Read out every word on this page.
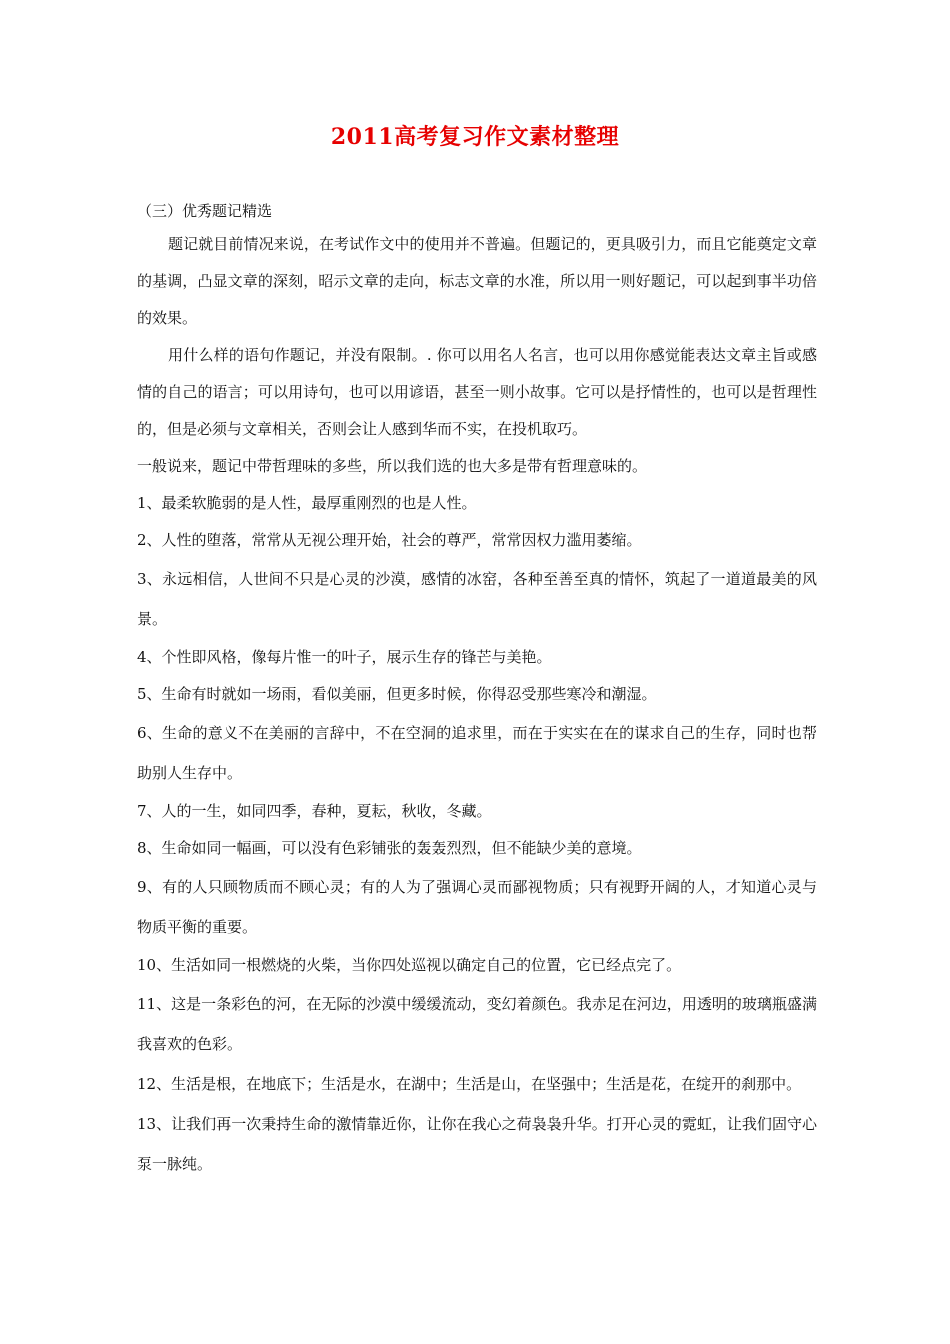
2011高考复习作文素材整理
（三）优秀题记精选

题记就目前情况来说，在考试作文中的使用并不普遍。但题记的，更具吸引力，而且它能奠定文章的基调，凸显文章的深刻，昭示文章的走向，标志文章的水准，所以用一则好题记，可以起到事半功倍的效果。

用什么样的语句作题记，并没有限制。. 你可以用名人名言，也可以用你感觉能表达文章主旨或感情的自己的语言；可以用诗句，也可以用谚语，甚至一则小故事。它可以是抒情性的，也可以是哲理性的，但是必须与文章相关，否则会让人感到华而不实，在投机取巧。

一般说来，题记中带哲理味的多些，所以我们选的也大多是带有哲理意味的。

1、最柔软脆弱的是人性，最厚重刚烈的也是人性。

2、人性的堕落，常常从无视公理开始，社会的尊严，常常因权力滥用萎缩。

3、永远相信，人世间不只是心灵的沙漠，感情的冰窑，各种至善至真的情怀，筑起了一道道最美的风景。

4、个性即风格，像每片惟一的叶子，展示生存的锋芒与美艳。

5、生命有时就如一场雨，看似美丽，但更多时候，你得忍受那些寒冷和潮湿。

6、生命的意义不在美丽的言辞中，不在空洞的追求里，而在于实实在在的谋求自己的生存，同时也帮助别人生存中。

7、人的一生，如同四季，春种，夏耘，秋收，冬藏。

8、生命如同一幅画，可以没有色彩铺张的轰轰烈烈，但不能缺少美的意境。

9、有的人只顾物质而不顾心灵；有的人为了强调心灵而鄙视物质；只有视野开阔的人，才知道心灵与物质平衡的重要。

10、生活如同一根燃烧的火柴，当你四处巡视以确定自己的位置，它已经点完了。

11、这是一条彩色的河，在无际的沙漠中缓缓流动，变幻着颜色。我赤足在河边，用透明的玻璃瓶盛满我喜欢的色彩。

12、生活是根，在地底下；生活是水，在湖中；生活是山，在坚强中；生活是花，在绽开的刹那中。

13、让我们再一次秉持生命的激情靠近你，让你在我心之荷袅袅升华。打开心灵的霓虹，让我们固守心泵一脉纯。
